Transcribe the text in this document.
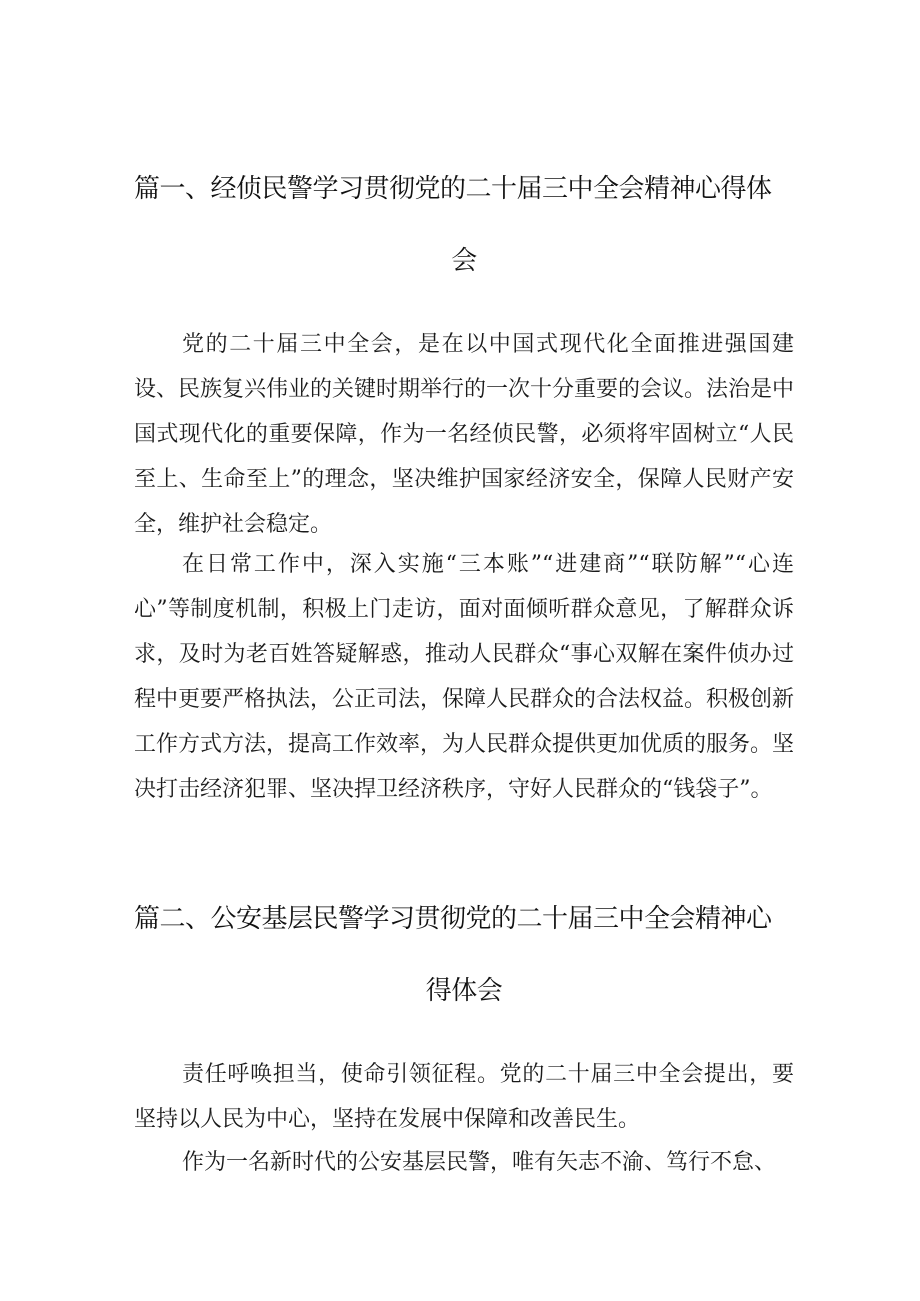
篇一、经侦民警学习贯彻党的二十届三中全会精神心得体
会

党的二十届三中全会，是在以中国式现代化全面推进强国建设、民族复兴伟业的关键时期举行的一次十分重要的会议。法治是中国式现代化的重要保障，作为一名经侦民警，必须将牢固树立“人民至上、生命至上”的理念，坚决维护国家经济安全，保障人民财产安全，维护社会稳定。

在日常工作中，深入实施“三本账”“进建商”“联防解”“心连心”等制度机制，积极上门走访，面对面倾听群众意见，了解群众诉求，及时为老百姓答疑解惑，推动人民群众“事心双解在案件侦办过程中更要严格执法，公正司法，保障人民群众的合法权益。积极创新工作方式方法，提高工作效率，为人民群众提供更加优质的服务。坚决打击经济犯罪、坚决捍卫经济秩序，守好人民群众的“钱袋子”。

篇二、公安基层民警学习贯彻党的二十届三中全会精神心
得体会

责任呼唤担当，使命引领征程。党的二十届三中全会提出，要坚持以人民为中心，坚持在发展中保障和改善民生。

作为一名新时代的公安基层民警，唯有矢志不渝、笃行不怠、
